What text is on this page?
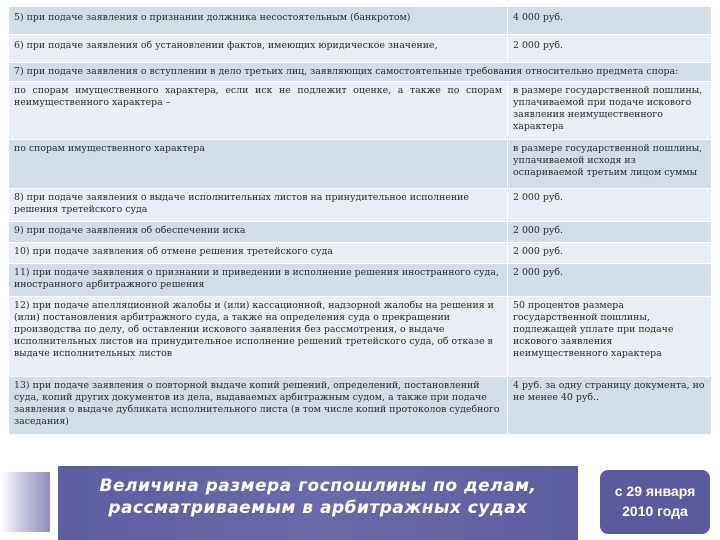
5) при подаче заявления о признании должника несостоятельным (банкротом)	4 000 руб.
6) при подаче заявления об установлении фактов, имеющих юридическое значение,	2 000 руб.
7) при подаче заявления о вступлении в дело третьих лиц, заявляющих самостоятельные требования относительно предмета спора:	
по спорам имущественного характера, если иск не подлежит оценке, а также по спорам неимущественного характера –	в размере государственной пошлины, уплачиваемой при подаче искового заявления неимущественного характера
по спорам имущественного характера	в размере государственной пошлины, уплачиваемой исходя из оспариваемой третьим лицом суммы
8) при подаче заявления о выдаче исполнительных листов на принудительное исполнение решения третейского суда	2 000 руб.
9) при подаче заявления об обеспечении иска	2 000 руб.
10) при подаче заявления об отмене решения третейского суда	2 000 руб.
11) при подаче заявления о признании и приведении в исполнение решения иностранного суда, иностранного арбитражного решения	2 000 руб.
12) при подаче апелляционной жалобы и (или) кассационной, надзорной жалобы на решения и (или) постановления арбитражного суда, а также на определения суда о прекращении производства по делу, об оставлении искового заявления без рассмотрения, о выдаче исполнительных листов на принудительное исполнение решений третейского суда, об отказе в выдаче исполнительных листов	50 процентов размера государственной пошлины, подлежащей уплате при подаче искового заявления неимущественного характера
13) при подаче заявления о повторной выдаче копий решений, определений, постановлений суда, копий других документов из дела, выдаваемых арбитражным судом, а также при подаче заявления о выдаче дубликата исполнительного листа (в том числе копий протоколов судебного заседания)	4 руб. за одну страницу документа, но не менее 40 руб..
Величина размера госпошлины по делам,
рассматриваемым в арбитражных судах
с 29 января
2010 года
